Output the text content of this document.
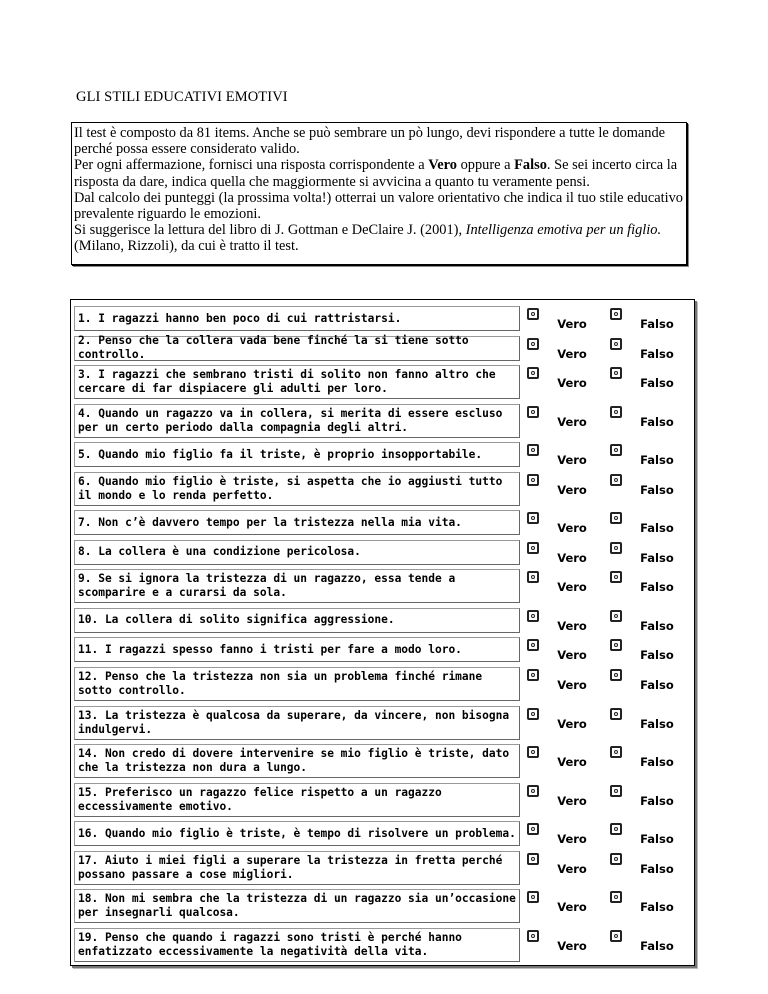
GLI STILI EDUCATIVI EMOTIVI

Il test è composto da 81 items. Anche se può sembrare un pò lungo, devi rispondere a tutte le domande perché possa essere considerato valido.

Per ogni affermazione, fornisci una risposta corrispondente a Vero oppure a Falso. Se sei incerto circa la risposta da dare, indica quella che maggiormente si avvicina a quanto tu veramente pensi.

Dal calcolo dei punteggi (la prossima volta!) otterrai un valore orientativo che indica il tuo stile educativo prevalente riguardo le emozioni.

Si suggerisce la lettura del libro di J. Gottman e DeClaire J. (2001), Intelligenza emotiva per un figlio. (Milano, Rizzoli), da cui è tratto il test.

1. I ragazzi hanno ben poco di cui rattristarsi.	Vero	Falso
2. Penso che la collera vada bene finché la si tiene sotto controllo.	Vero	Falso
3. I ragazzi che sembrano tristi di solito non fanno altro che cercare di far dispiacere gli adulti per loro.	Vero	Falso
4. Quando un ragazzo va in collera, si merita di essere escluso per un certo periodo dalla compagnia degli altri.	Vero	Falso
5. Quando mio figlio fa il triste, è proprio insopportabile.	Vero	Falso
6. Quando mio figlio è triste, si aspetta che io aggiusti tutto il mondo e lo renda perfetto.	Vero	Falso
7. Non c’è davvero tempo per la tristezza nella mia vita.	Vero	Falso
8. La collera è una condizione pericolosa.	Vero	Falso
9. Se si ignora la tristezza di un ragazzo, essa tende a scomparire e a curarsi da sola.	Vero	Falso
10. La collera di solito significa aggressione.	Vero	Falso
11. I ragazzi spesso fanno i tristi per fare a modo loro.	Vero	Falso
12. Penso che la tristezza non sia un problema finché rimane sotto controllo.	Vero	Falso
13. La tristezza è qualcosa da superare, da vincere, non bisogna indulgervi.	Vero	Falso
14. Non credo di dovere intervenire se mio figlio è triste, dato che la tristezza non dura a lungo.	Vero	Falso
15. Preferisco un ragazzo felice rispetto a un ragazzo eccessivamente emotivo.	Vero	Falso
16. Quando mio figlio è triste, è tempo di risolvere un problema.	Vero	Falso
17. Aiuto i miei figli a superare la tristezza in fretta perché possano passare a cose migliori.	Vero	Falso
18. Non mi sembra che la tristezza di un ragazzo sia un’occasione per insegnarli qualcosa.	Vero	Falso
19. Penso che quando i ragazzi sono tristi è perché hanno enfatizzato eccessivamente la negatività della vita.	Vero	Falso
